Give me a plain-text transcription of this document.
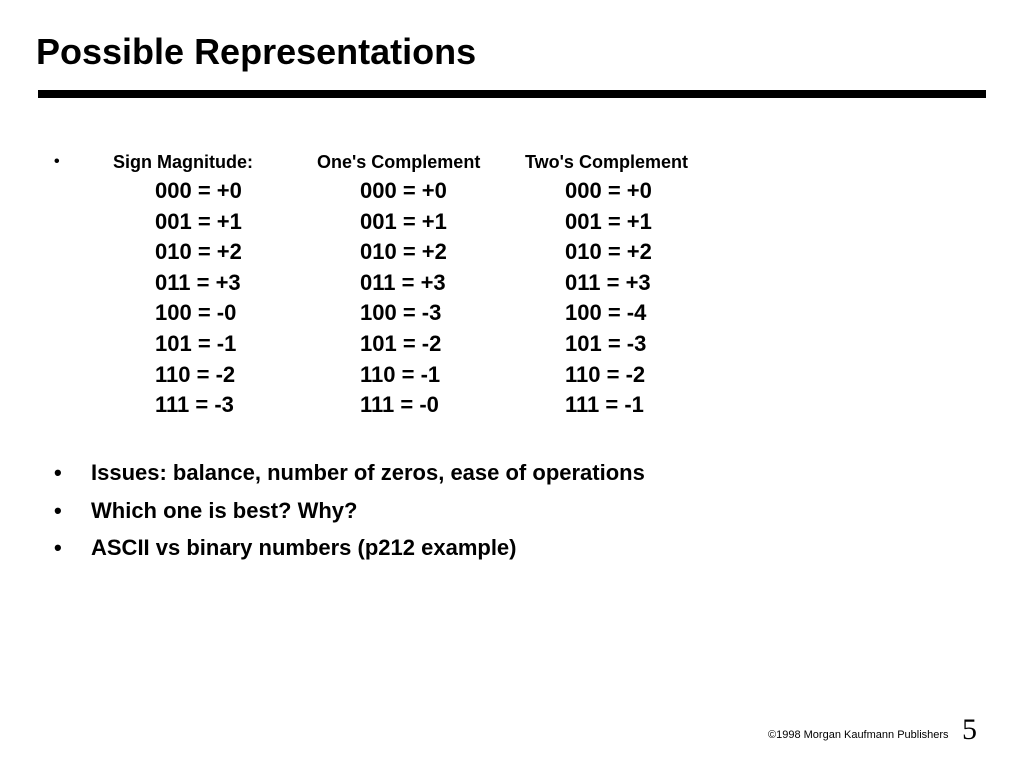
Possible Representations
•	Sign Magnitude:	One's Complement Two's Complement
000 = +0
001 = +1
010 = +2
011 = +3
100 = -0
101 = -1
110 = -2
111 = -3
000 = +0
001 = +1
010 = +2
011 = +3
100 = -3
101 = -2
110 = -1
111 = -0
000 = +0
001 = +1
010 = +2
011 = +3
100 = -4
101 = -3
110 = -2
111 = -1
• Issues: balance, number of zeros, ease of operations
• Which one is best? Why?
• ASCII vs binary numbers (p212 example)
©1998 Morgan Kaufmann Publishers 5
